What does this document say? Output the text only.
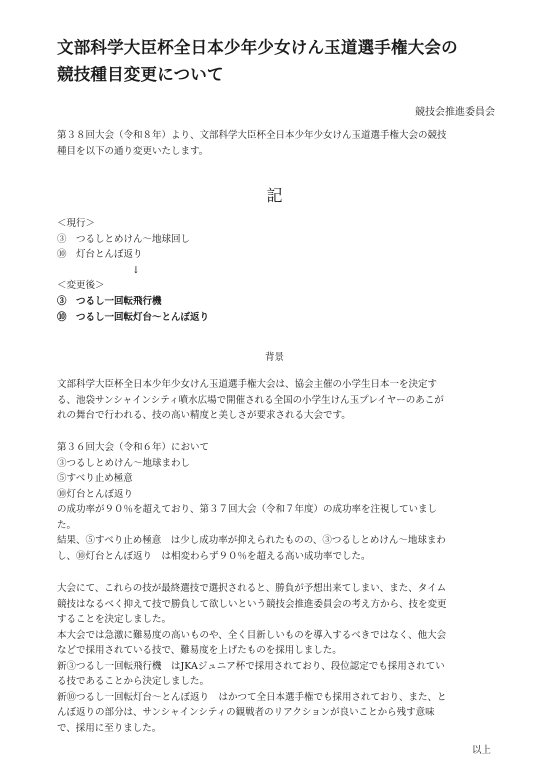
文部科学大臣杯全日本少年少女けん玉道選手権大会の
競技種目変更について
競技会推進委員会

第３８回大会（令和８年）より、文部科学大臣杯全日本少年少女けん玉道選手権大会の競技

種目を以下の通り変更いたします。

記
＜現行＞
③　つるしとめけん〜地球回し
⑩　灯台とんぼ返り
↓
＜変更後＞
③　つるし一回転飛行機
⑩　つるし一回転灯台〜とんぼ返り
背景

文部科学大臣杯全日本少年少女けん玉道選手権大会は、協会主催の小学生日本一を決定す

る、池袋サンシャインシティ噴水広場で開催される全国の小学生けん玉プレイヤーのあこが

れの舞台で行われる、技の高い精度と美しさが要求される大会です。

第３６回大会（令和６年）において

③つるしとめけん〜地球まわし

⑤すべり止め極意

⑩灯台とんぼ返り

の成功率が９０％を超えており、第３７回大会（令和７年度）の成功率を注視していまし

た。

結果、⑤すべり止め極意　は少し成功率が抑えられたものの、③つるしとめけん〜地球まわ

し、⑩灯台とんぼ返り　は相変わらず９０％を超える高い成功率でした。

大会にて、これらの技が最終選技で選択されると、勝負が予想出来てしまい、また、タイム

競技はなるべく抑えて技で勝負して欲しいという競技会推進委員会の考え方から、技を変更

することを決定しました。

本大会では急激に難易度の高いものや、全く目新しいものを導入するべきではなく、他大会

などで採用されている技で、難易度を上げたものを採用しました。

新③つるし一回転飛行機　はJKAジュニア杯で採用されており、段位認定でも採用されてい

る技であることから決定しました。

新⑩つるし一回転灯台〜とんぼ返り　はかつて全日本選手権でも採用されており、また、と

んぼ返りの部分は、サンシャインシティの観戦者のリアクションが良いことから残す意味

で、採用に至りました。

以上
